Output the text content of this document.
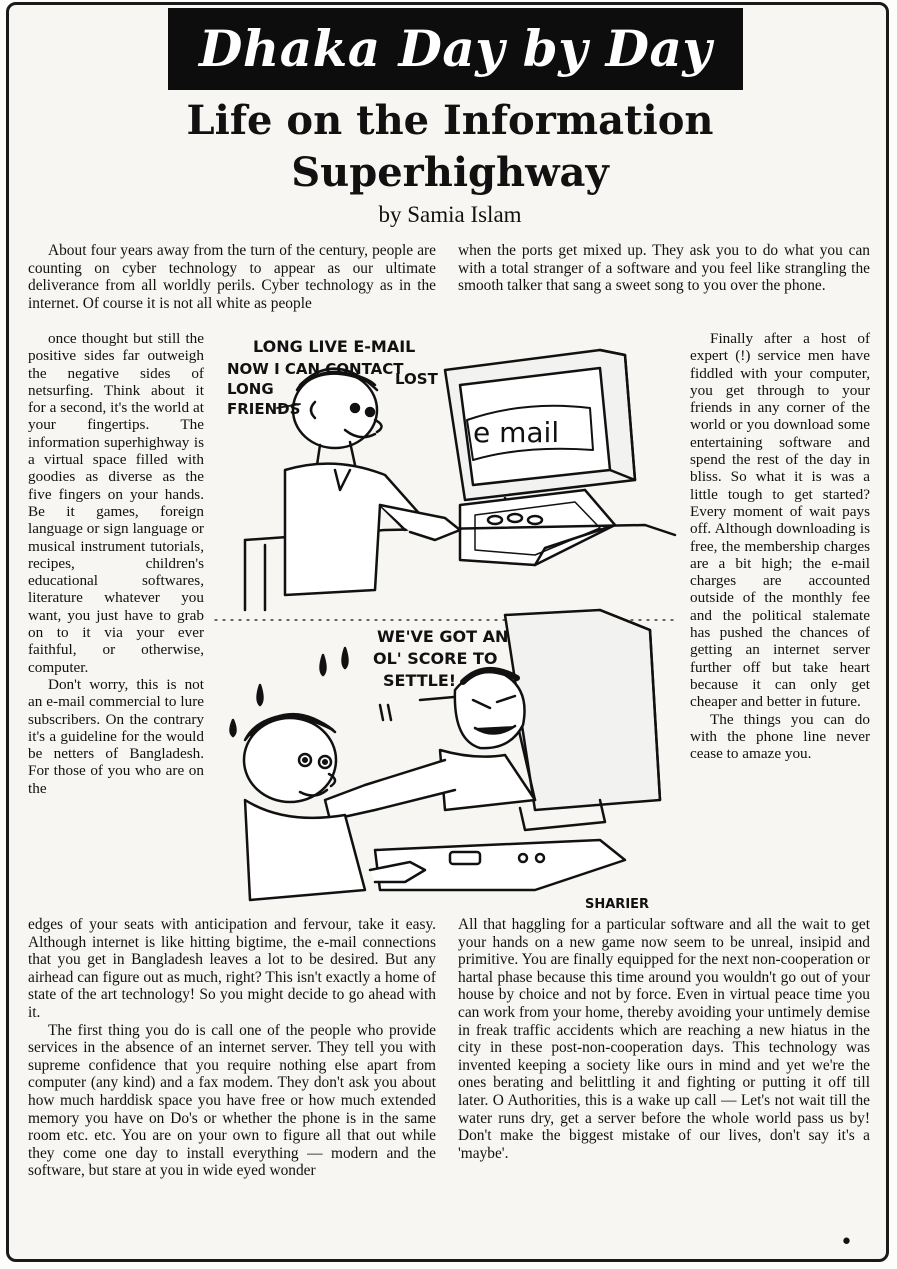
Dhaka Day by Day
Life on the Information
Superhighway
by Samia Islam

About four years away from the turn of the century, people are counting on cyber technology to appear as our ultimate deliverance from all worldly perils. Cyber technology as in the internet. Of course it is not all white as people

once thought but still the positive sides far outweigh the negative sides of netsurfing. Think about it for a second, it's the world at your fingertips. The information superhighway is a virtual space filled with goodies as diverse as the five fingers on your hands. Be it games, foreign language or sign language or musical instrument tutorials, recipes, children's educational softwares, literature whatever you want, you just have to grab on to it via your ever faithful, or otherwise, computer.

Don't worry, this is not an e-mail commercial to lure subscribers. On the contrary it's a guideline for the would be netters of Bangladesh. For those of you who are on the

edges of your seats with anticipation and fervour, take it easy. Although internet is like hitting bigtime, the e-mail connections that you get in Bangladesh leaves a lot to be desired. But any airhead can figure out as much, right? This isn't exactly a home of state of the art technology! So you might decide to go ahead with it.

The first thing you do is call one of the people who provide services in the absence of an internet server. They tell you with supreme confidence that you require nothing else apart from computer (any kind) and a fax modem. They don't ask you about how much harddisk space you have free or how much extended memory you have on Do's or whether the phone is in the same room etc. etc. You are on your own to figure all that out while they come one day to install everything — modern and the software, but stare at you in wide eyed wonder

when the ports get mixed up. They ask you to do what you can with a total stranger of a software and you feel like strangling the smooth talker that sang a sweet song to you over the phone.

Finally after a host of expert (!) service men have fiddled with your computer, you get through to your friends in any corner of the world or you download some entertaining software and spend the rest of the day in bliss. So what it is was a little tough to get started? Every moment of wait pays off. Although downloading is free, the membership charges are a bit high; the e-mail charges are accounted outside of the monthly fee and the political stalemate has pushed the chances of getting an internet server further off but take heart because it can only get cheaper and better in future.

The things you can do with the phone line never cease to amaze you.

All that haggling for a particular software and all the wait to get your hands on a new game now seem to be unreal, insipid and primitive. You are finally equipped for the next non-cooperation or hartal phase because this time around you wouldn't go out of your house by choice and not by force. Even in virtual peace time you can work from your home, thereby avoiding your untimely demise in freak traffic accidents which are reaching a new hiatus in the city in these post-non-cooperation days. This technology was invented keeping a society like ours in mind and yet we're the ones berating and belittling it and fighting or putting it off till later. O Authorities, this is a wake up call — Let's not wait till the water runs dry, get a server before the whole world pass us by! Don't make the biggest mistake of our lives, don't say it's a 'maybe'.

e mail
LONG LIVE E-MAIL
NOW I CAN CONTACT
LONG
LOST
FRIENDS
WE'VE GOT AN
OL' SCORE TO
SETTLE!
SHARIER
•
